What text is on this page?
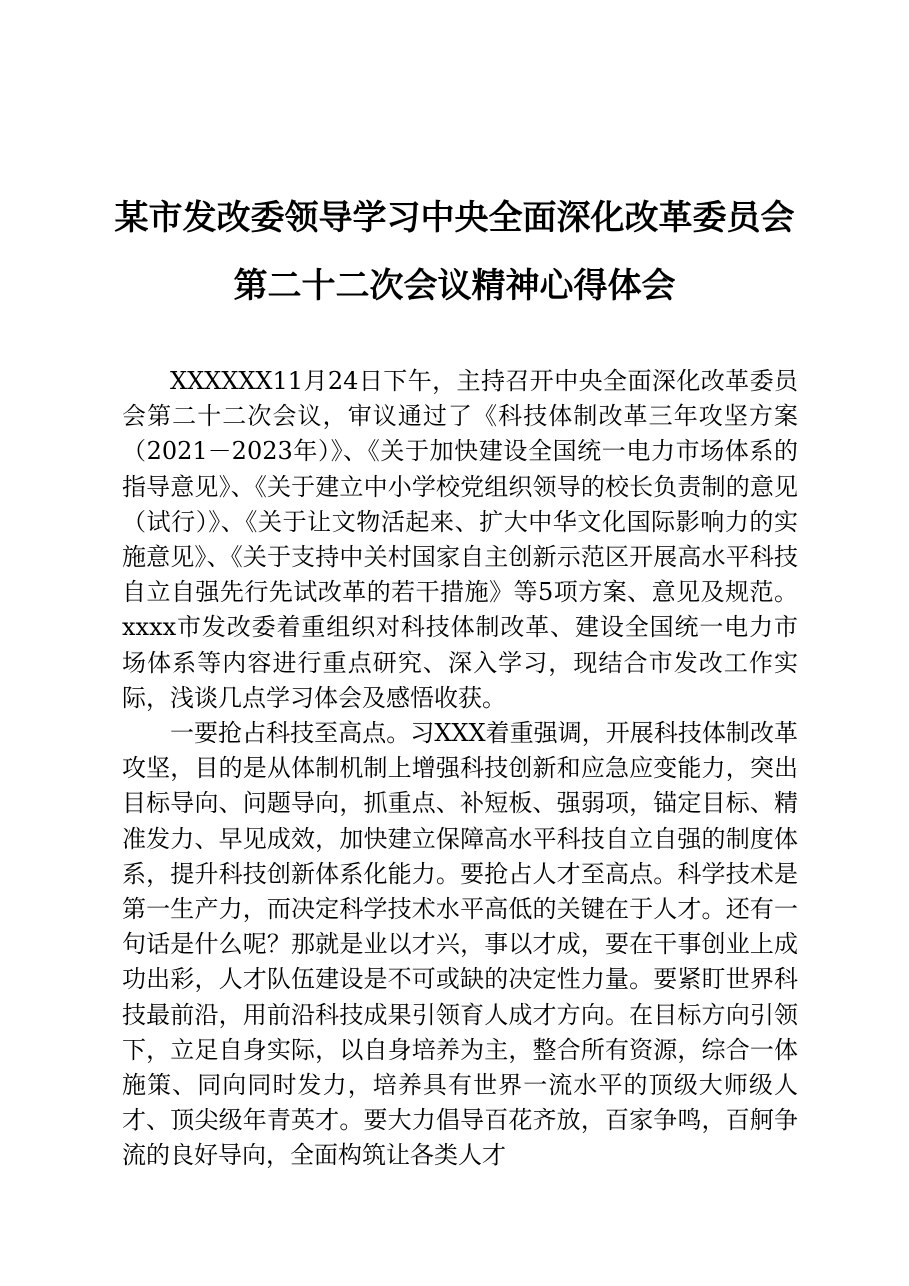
某市发改委领导学习中央全面深化改革委员会
第二十二次会议精神心得体会

XXXXXX11月24日下午，主持召开中央全面深化改革委员会第二十二次会议，审议通过了《科技体制改革三年攻坚方案（2021－2023年）》、《关于加快建设全国统一电力市场体系的指导意见》、《关于建立中小学校党组织领导的校长负责制的意见（试行）》、《关于让文物活起来、扩大中华文化国际影响力的实施意见》、《关于支持中关村国家自主创新示范区开展高水平科技自立自强先行先试改革的若干措施》等5项方案、意见及规范。xxxx市发改委着重组织对科技体制改革、建设全国统一电力市场体系等内容进行重点研究、深入学习，现结合市发改工作实际，浅谈几点学习体会及感悟收获。

一要抢占科技至高点。习XXX着重强调，开展科技体制改革攻坚，目的是从体制机制上增强科技创新和应急应变能力，突出目标导向、问题导向，抓重点、补短板、强弱项，锚定目标、精准发力、早见成效，加快建立保障高水平科技自立自强的制度体系，提升科技创新体系化能力。要抢占人才至高点。科学技术是第一生产力，而决定科学技术水平高低的关键在于人才。还有一句话是什么呢？那就是业以才兴，事以才成，要在干事创业上成功出彩，人才队伍建设是不可或缺的决定性力量。要紧盯世界科技最前沿，用前沿科技成果引领育人成才方向。在目标方向引领下，立足自身实际，以自身培养为主，整合所有资源，综合一体施策、同向同时发力，培养具有世界一流水平的顶级大师级人才、顶尖级年青英才。要大力倡导百花齐放，百家争鸣，百舸争流的良好导向，全面构筑让各类人才
